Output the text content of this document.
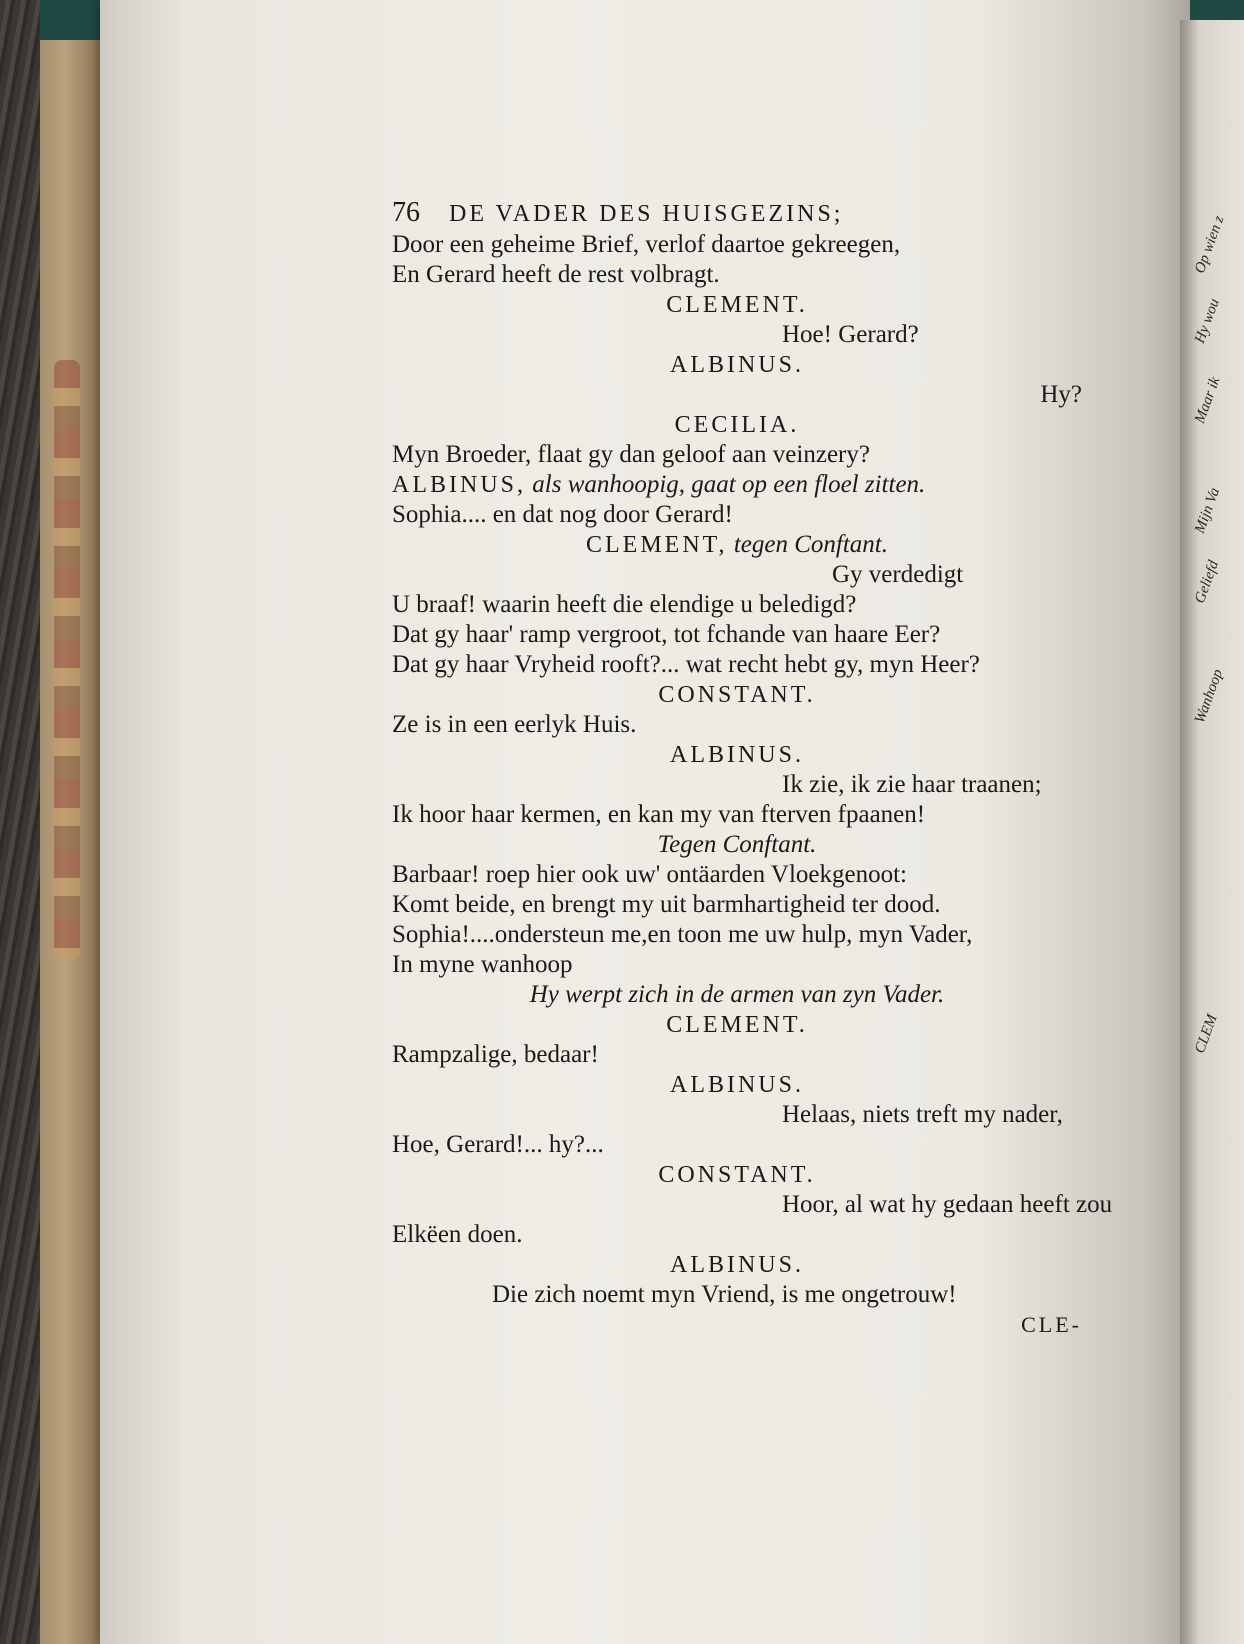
Op wien z
Hy wou
Maar ik
Mijn Va
Geliefd
Wanhoop
CLEM
76 DE VADER DES HUISGEZINS;
Door een geheime Brief, verlof daartoe gekreegen,
En Gerard heeft de rest volbragt.
CLEMENT.
Hoe! Gerard?
ALBINUS.
Hy?
CECILIA.
Myn Broeder, flaat gy dan geloof aan veinzery?
ALBINUS, als wanhoopig, gaat op een floel zitten.
Sophia.... en dat nog door Gerard!
CLEMENT, tegen Conftant.
Gy verdedigt
U braaf! waarin heeft die elendige u beledigd?
Dat gy haar' ramp vergroot, tot fchande van haare Eer?
Dat gy haar Vryheid rooft?... wat recht hebt gy, myn Heer?
CONSTANT.
Ze is in een eerlyk Huis.
ALBINUS.
Ik zie, ik zie haar traanen;
Ik hoor haar kermen, en kan my van fterven fpaanen!
Tegen Conftant.
Barbaar! roep hier ook uw' ontäarden Vloekgenoot:
Komt beide, en brengt my uit barmhartigheid ter dood.
Sophia!....ondersteun me,en toon me uw hulp, myn Vader,
In myne wanhoop
Hy werpt zich in de armen van zyn Vader.
CLEMENT.
Rampzalige, bedaar!
ALBINUS.
Helaas, niets treft my nader,
Hoe, Gerard!... hy?...
CONSTANT.
Hoor, al wat hy gedaan heeft zou
Elkëen doen.
ALBINUS.
Die zich noemt myn Vriend, is me ongetrouw!
CLE-
